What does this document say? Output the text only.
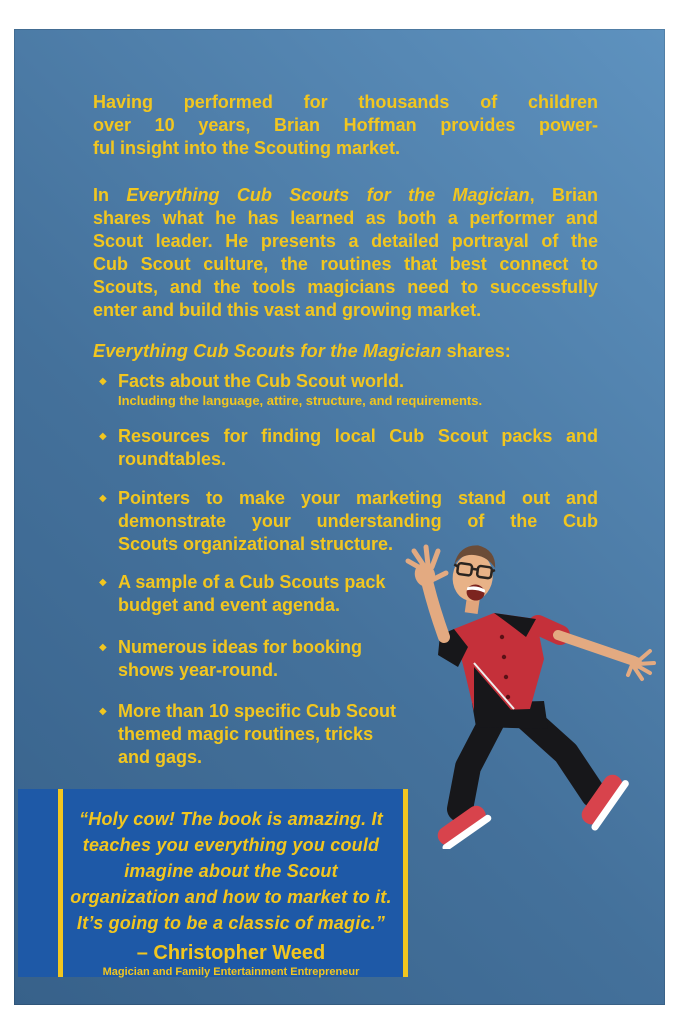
Having performed for thousands of children
over 10 years, Brian Hoffman provides power-
ful insight into the Scouting market.
In Everything Cub Scouts for the Magician, Brian
shares what he has learned as both a performer and
Scout leader. He presents a detailed portrayal of the
Cub Scout culture, the routines that best connect to
Scouts, and the tools magicians need to successfully
enter and build this vast and growing market.
Everything Cub Scouts for the Magician shares:
◆ Facts about the Cub Scout world.
Including the language, attire, structure, and requirements.
◆ Resources for finding local Cub Scout packs and
roundtables.
◆ Pointers to make your marketing stand out and
demonstrate your understanding of the Cub
Scouts organizational structure.
◆ A sample of a Cub Scouts pack
budget and event agenda.
◆ Numerous ideas for booking
shows year-round.
◆ More than 10 specific Cub Scout
themed magic routines, tricks
and gags.
“Holy cow! The book is amazing. It
teaches you everything you could
imagine about the Scout
organization and how to market to it.
It’s going to be a classic of magic.”
– Christopher Weed
Magician and Family Entertainment Entrepreneur
